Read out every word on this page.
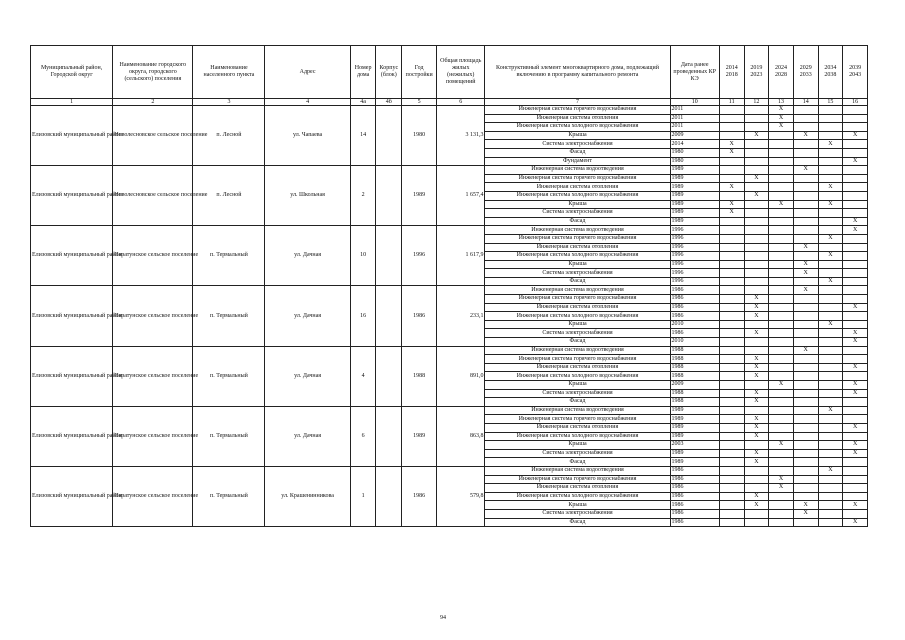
Муниципальный район, Городской округ	Наименование городского округа, городского (сельского) поселения	Наименование населенного пункта	Адрес	Номер дома	Корпус (блок)	Год постройки	Общая площадь жилых (нежилых) помещений	Конструктивный элемент многоквартирного дома, подлежащий включению в программу капитального ремонта	Дата ранее проведенных КР КЭ	2014 2018	2019 2023	2024 2028	2029 2033	2034 2038	2039 2043
1	2	3	4	4а	4б	5	6	7	10	11	12	13	14	15	16
Елизовский муниципальный район	Новолесновское сельское поселение	п. Лесной	ул. Чапаева	14		1980	3 131,3	Инженерная система горячего водоснабжения	2011			X			
								Инженерная система отопления	2011			X			
								Инженерная система холодного водоснабжения	2011			X			
								Крыша	2009		X		X		X
								Система электроснабжения	2014	X				X	
								Фасад	1980	X					
								Фундамент	1980						X
Елизовский муниципальный район	Новолесновское сельское поселение	п. Лесной	ул. Школьная	2		1989	1 657,4	Инженерная система водоотведения	1989				X		
								Инженерная система горячего водоснабжения	1989		X				
								Инженерная система отопления	1989	X				X	
								Инженерная система холодного водоснабжения	1989		X				
								Крыша	1989	X		X		X	
								Система электроснабжения	1989	X					
								Фасад	1989						X
Елизовский муниципальный район	Паратунское сельское поселение	п. Термальный	ул. Дачная	10		1996	1 617,9	Инженерная система водоотведения	1996						X
								Инженерная система горячего водоснабжения	1996					X	
								Инженерная система отопления	1996				X		
								Инженерная система холодного водоснабжения	1996					X	
								Крыша	1996				X		
								Система электроснабжения	1996				X		
								Фасад	1996					X	
Елизовский муниципальный район	Паратунское сельское поселение	п. Термальный	ул. Дачная	16		1986	233,1	Инженерная система водоотведения	1986				X		
								Инженерная система горячего водоснабжения	1986		X				
								Инженерная система отопления	1986		X				X
								Инженерная система холодного водоснабжения	1986		X				
								Крыша	2010					X	
								Система электроснабжения	1986		X				X
								Фасад	2010						X
Елизовский муниципальный район	Паратунское сельское поселение	п. Термальный	ул. Дачная	4		1988	891,0	Инженерная система водоотведения	1988				X		
								Инженерная система горячего водоснабжения	1988		X				
								Инженерная система отопления	1988		X				X
								Инженерная система холодного водоснабжения	1988		X				
								Крыша	2009			X			X
								Система электроснабжения	1988		X				X
								Фасад	1988		X				
Елизовский муниципальный район	Паратунское сельское поселение	п. Термальный	ул. Дачная	6		1989	863,8	Инженерная система водоотведения	1989					X	
								Инженерная система горячего водоснабжения	1989		X				
								Инженерная система отопления	1989		X				X
								Инженерная система холодного водоснабжения	1989		X				
								Крыша	2003			X			X
								Система электроснабжения	1989		X				X
								Фасад	1989		X				
Елизовский муниципальный район	Паратунское сельское поселение	п. Термальный	ул. Крашенинникова	1		1986	579,8	Инженерная система водоотведения	1986					X	
								Инженерная система горячего водоснабжения	1986			X			
								Инженерная система отопления	1986			X			
								Инженерная система холодного водоснабжения	1986		X				
								Крыша	1986		X		X		X
								Система электроснабжения	1986				X		
								Фасад	1986						X
94
